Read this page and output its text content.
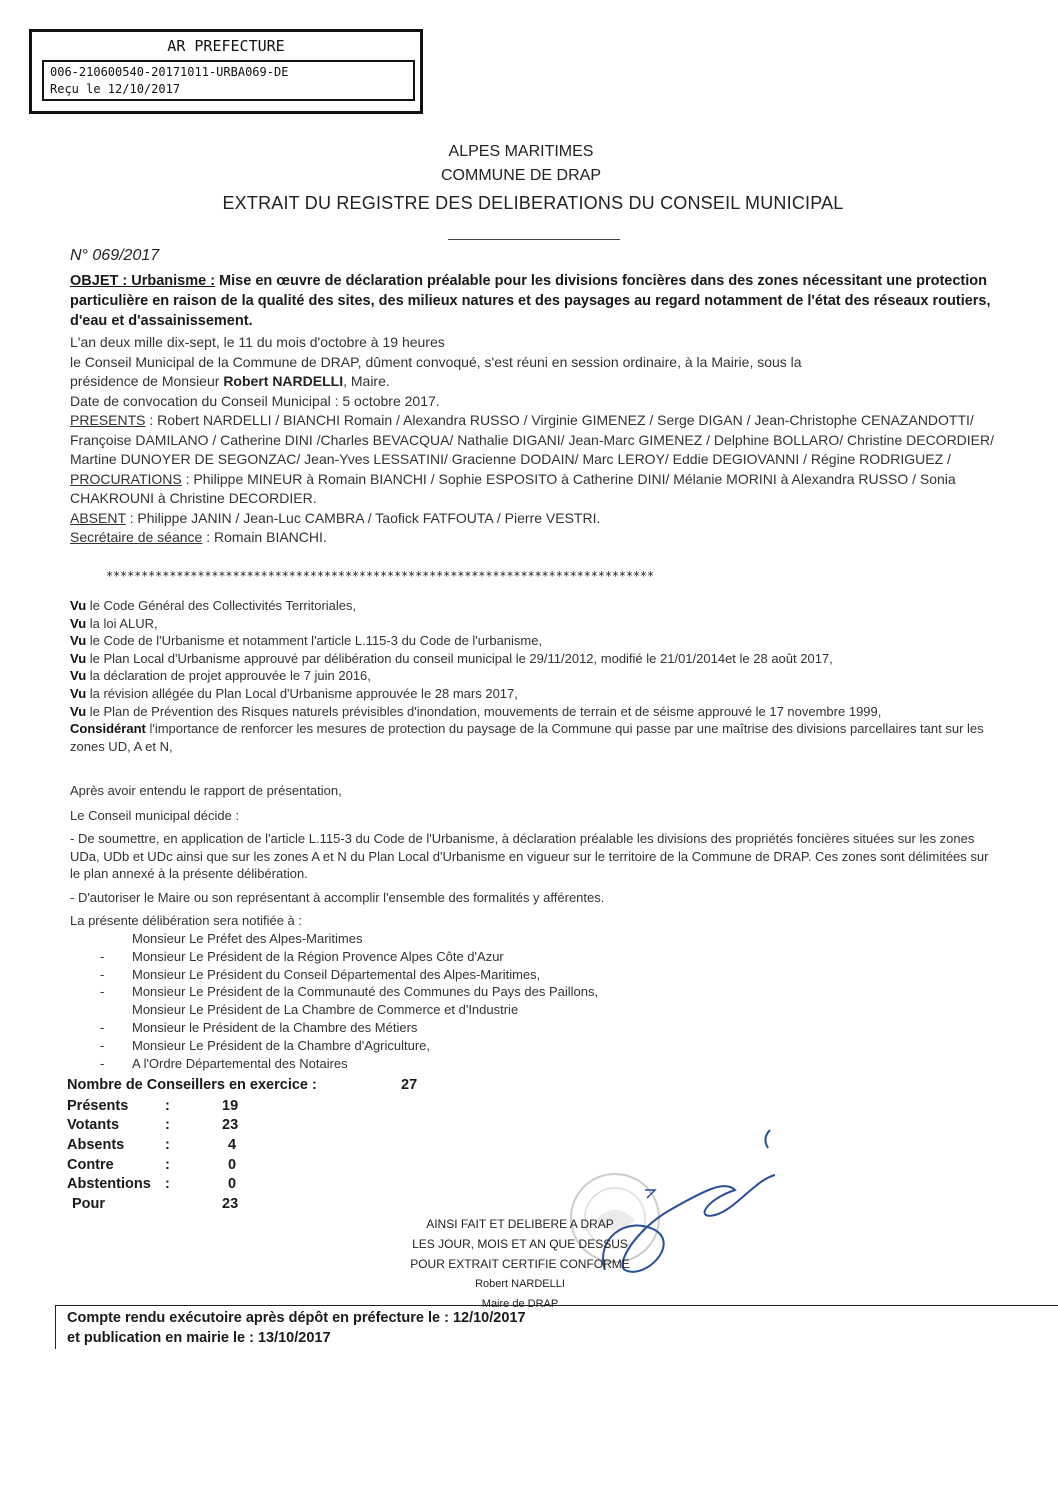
AR PREFECTURE
006-210600540-20171011-URBA069-DE
Reçu le 12/10/2017
ALPES MARITIMES
COMMUNE DE DRAP
EXTRAIT DU REGISTRE DES DELIBERATIONS DU CONSEIL MUNICIPAL
N° 069/2017
OBJET : Urbanisme : Mise en œuvre de déclaration préalable pour les divisions foncières dans des zones nécessitant une protection particulière en raison de la qualité des sites, des milieux natures et des paysages au regard notamment de l'état des réseaux routiers, d'eau et d'assainissement.
L'an deux mille dix-sept, le 11 du mois d'octobre à 19 heures
le Conseil Municipal de la Commune de DRAP, dûment convoqué, s'est réuni en session ordinaire, à la Mairie, sous la
présidence de Monsieur Robert NARDELLI, Maire.
Date de convocation du Conseil Municipal : 5 octobre 2017.
PRESENTS : Robert NARDELLI / BIANCHI Romain / Alexandra RUSSO / Virginie GIMENEZ / Serge DIGAN / Jean-Christophe CENAZANDOTTI/ Françoise DAMILANO / Catherine DINI /Charles BEVACQUA/ Nathalie DIGANI/ Jean-Marc GIMENEZ / Delphine BOLLARO/ Christine DECORDIER/ Martine DUNOYER DE SEGONZAC/ Jean-Yves LESSATINI/ Gracienne DODAIN/ Marc LEROY/ Eddie DEGIOVANNI / Régine RODRIGUEZ /
PROCURATIONS : Philippe MINEUR à Romain BIANCHI / Sophie ESPOSITO à Catherine DINI/ Mélanie MORINI à Alexandra RUSSO / Sonia CHAKROUNI à Christine DECORDIER.
ABSENT : Philippe JANIN / Jean-Luc CAMBRA / Taofick FATFOUTA / Pierre VESTRI.
Secrétaire de séance : Romain BIANCHI.
******************************************************************************
Vu le Code Général des Collectivités Territoriales,
Vu la loi ALUR,
Vu le Code de l'Urbanisme et notamment l'article L.115-3 du Code de l'urbanisme,
Vu le Plan Local d'Urbanisme approuvé par délibération du conseil municipal le 29/11/2012, modifié le 21/01/2014et le 28 août 2017,
Vu la déclaration de projet approuvée le 7 juin 2016,
Vu la révision allégée du Plan Local d'Urbanisme approuvée le 28 mars 2017,
Vu le Plan de Prévention des Risques naturels prévisibles d'inondation, mouvements de terrain et de séisme approuvé le 17 novembre 1999,
Considérant l'importance de renforcer les mesures de protection du paysage de la Commune qui passe par une maîtrise des divisions parcellaires tant sur les zones UD, A et N,
Après avoir entendu le rapport de présentation,
Le Conseil municipal décide :
- De soumettre, en application de l'article L.115-3 du Code de l'Urbanisme, à déclaration préalable les divisions des propriétés foncières situées sur les zones UDa, UDb et UDc ainsi que sur les zones A et N du Plan Local d'Urbanisme en vigueur sur le territoire de la Commune de DRAP. Ces zones sont délimitées sur le plan annexé à la présente délibération.
- D'autoriser le Maire ou son représentant à accomplir l'ensemble des formalités y afférentes.
La présente délibération sera notifiée à :
Monsieur Le Préfet des Alpes-Maritimes
-	Monsieur Le Président de la Région Provence Alpes Côte d'Azur
-	Monsieur Le Président du Conseil Départemental des Alpes-Maritimes,
-	Monsieur Le Président de la Communauté des Communes du Pays des Paillons,
Monsieur Le Président de La Chambre de Commerce et d'Industrie
-	Monsieur le Président de la Chambre des Métiers
-	Monsieur Le Président de la Chambre d'Agriculture,
-	A l'Ordre Départemental des Notaires
Nombre de Conseillers en exercice :	27
Présents	:	19
Votants	:	23
Absents	:	4
Contre	:	0
Abstentions :	0
Pour	23
AINSI FAIT ET DELIBERE A DRAP
LES JOUR, MOIS ET AN QUE DESSUS
POUR EXTRAIT CERTIFIE CONFORME
Robert NARDELLI
Maire de DRAP
Compte rendu exécutoire après dépôt en préfecture le : 12/10/2017
et publication en mairie le : 13/10/2017
